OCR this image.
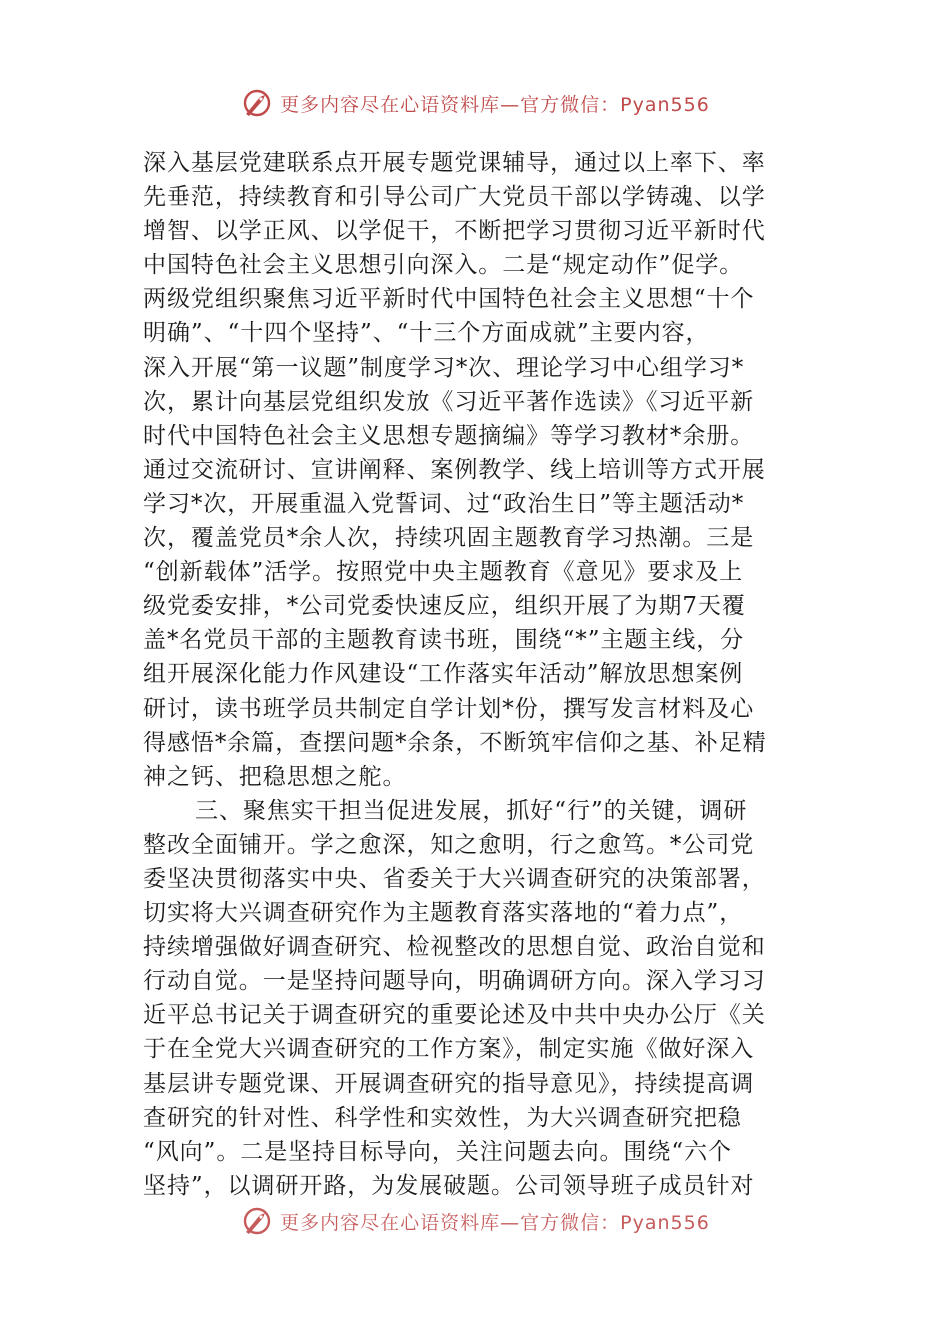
更多内容尽在心语资料库—官方微信：Pyan556
深入基层党建联系点开展专题党课辅导，通过以上率下、率
先垂范，持续教育和引导公司广大党员干部以学铸魂、以学
增智、以学正风、以学促干，不断把学习贯彻习近平新时代
中国特色社会主义思想引向深入。二是“规定动作”促学。
两级党组织聚焦习近平新时代中国特色社会主义思想“十个
明确”、“十四个坚持”、“十三个方面成就”主要内容，
深入开展“第一议题”制度学习*次、理论学习中心组学习*
次，累计向基层党组织发放《习近平著作选读》《习近平新
时代中国特色社会主义思想专题摘编》等学习教材*余册。
通过交流研讨、宣讲阐释、案例教学、线上培训等方式开展
学习*次，开展重温入党誓词、过“政治生日”等主题活动*
次，覆盖党员*余人次，持续巩固主题教育学习热潮。三是
“创新载体”活学。按照党中央主题教育《意见》要求及上
级党委安排，*公司党委快速反应，组织开展了为期7天覆
盖*名党员干部的主题教育读书班，围绕“*”主题主线，分
组开展深化能力作风建设“工作落实年活动”解放思想案例
研讨，读书班学员共制定自学计划*份，撰写发言材料及心
得感悟*余篇，查摆问题*余条，不断筑牢信仰之基、补足精
神之钙、把稳思想之舵。
三、聚焦实干担当促进发展，抓好“行”的关键，调研
整改全面铺开。学之愈深，知之愈明，行之愈笃。*公司党
委坚决贯彻落实中央、省委关于大兴调查研究的决策部署，
切实将大兴调查研究作为主题教育落实落地的“着力点”，
持续增强做好调查研究、检视整改的思想自觉、政治自觉和
行动自觉。一是坚持问题导向，明确调研方向。深入学习习
近平总书记关于调查研究的重要论述及中共中央办公厅《关
于在全党大兴调查研究的工作方案》，制定实施《做好深入
基层讲专题党课、开展调查研究的指导意见》，持续提高调
查研究的针对性、科学性和实效性，为大兴调查研究把稳
“风向”。二是坚持目标导向，关注问题去向。围绕“六个
坚持”，以调研开路，为发展破题。公司领导班子成员针对
更多内容尽在心语资料库—官方微信：Pyan556
